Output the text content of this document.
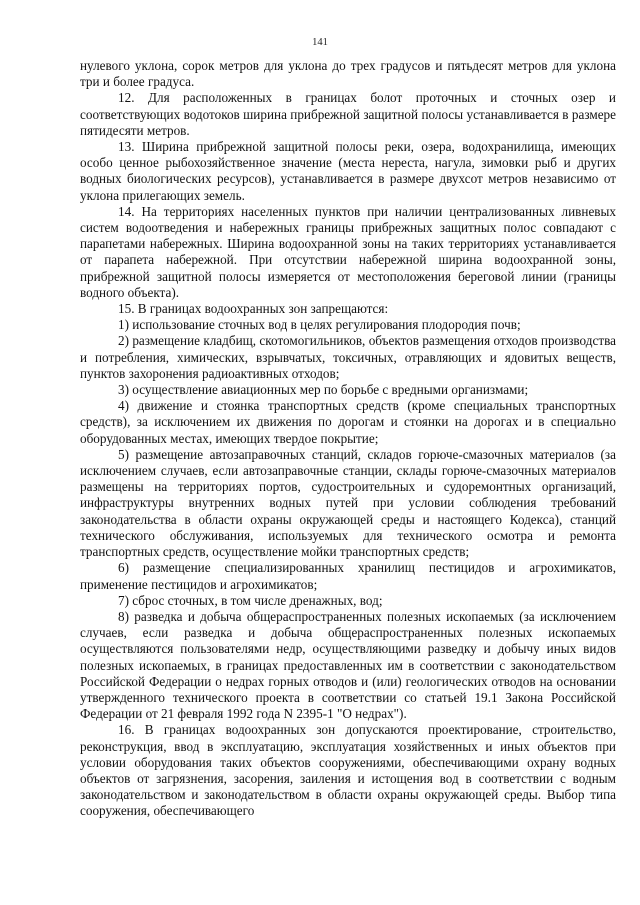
141

нулевого уклона, сорок метров для уклона до трех градусов и пятьдесят метров для уклона три и более градуса.

12. Для расположенных в границах болот проточных и сточных озер и соответствующих водотоков ширина прибрежной защитной полосы устанавливается в размере пятидесяти метров.

13. Ширина прибрежной защитной полосы реки, озера, водохранилища, имеющих особо ценное рыбохозяйственное значение (места нереста, нагула, зимовки рыб и других водных биологических ресурсов), устанавливается в размере двухсот метров независимо от уклона прилегающих земель.

14. На территориях населенных пунктов при наличии централизованных ливневых систем водоотведения и набережных границы прибрежных защитных полос совпадают с парапетами набережных. Ширина водоохранной зоны на таких территориях устанавливается от парапета набережной. При отсутствии набережной ширина водоохранной зоны, прибрежной защитной полосы измеряется от местоположения береговой линии (границы водного объекта).

15. В границах водоохранных зон запрещаются:

1) использование сточных вод в целях регулирования плодородия почв;

2) размещение кладбищ, скотомогильников, объектов размещения отходов производства и потребления, химических, взрывчатых, токсичных, отравляющих и ядовитых веществ, пунктов захоронения радиоактивных отходов;

3) осуществление авиационных мер по борьбе с вредными организмами;

4) движение и стоянка транспортных средств (кроме специальных транспортных средств), за исключением их движения по дорогам и стоянки на дорогах и в специально оборудованных местах, имеющих твердое покрытие;

5) размещение автозаправочных станций, складов горюче-смазочных материалов (за исключением случаев, если автозаправочные станции, склады горюче-смазочных материалов размещены на территориях портов, судостроительных и судоремонтных организаций, инфраструктуры внутренних водных путей при условии соблюдения требований законодательства в области охраны окружающей среды и настоящего Кодекса), станций технического обслуживания, используемых для технического осмотра и ремонта транспортных средств, осуществление мойки транспортных средств;

6) размещение специализированных хранилищ пестицидов и агрохимикатов, применение пестицидов и агрохимикатов;

7) сброс сточных, в том числе дренажных, вод;

8) разведка и добыча общераспространенных полезных ископаемых (за исключением случаев, если разведка и добыча общераспространенных полезных ископаемых осуществляются пользователями недр, осуществляющими разведку и добычу иных видов полезных ископаемых, в границах предоставленных им в соответствии с законодательством Российской Федерации о недрах горных отводов и (или) геологических отводов на основании утвержденного технического проекта в соответствии со статьей 19.1 Закона Российской Федерации от 21 февраля 1992 года N 2395-1 "О недрах").

16. В границах водоохранных зон допускаются проектирование, строительство, реконструкция, ввод в эксплуатацию, эксплуатация хозяйственных и иных объектов при условии оборудования таких объектов сооружениями, обеспечивающими охрану водных объектов от загрязнения, засорения, заиления и истощения вод в соответствии с водным законодательством и законодательством в области охраны окружающей среды. Выбор типа сооружения, обеспечивающего
